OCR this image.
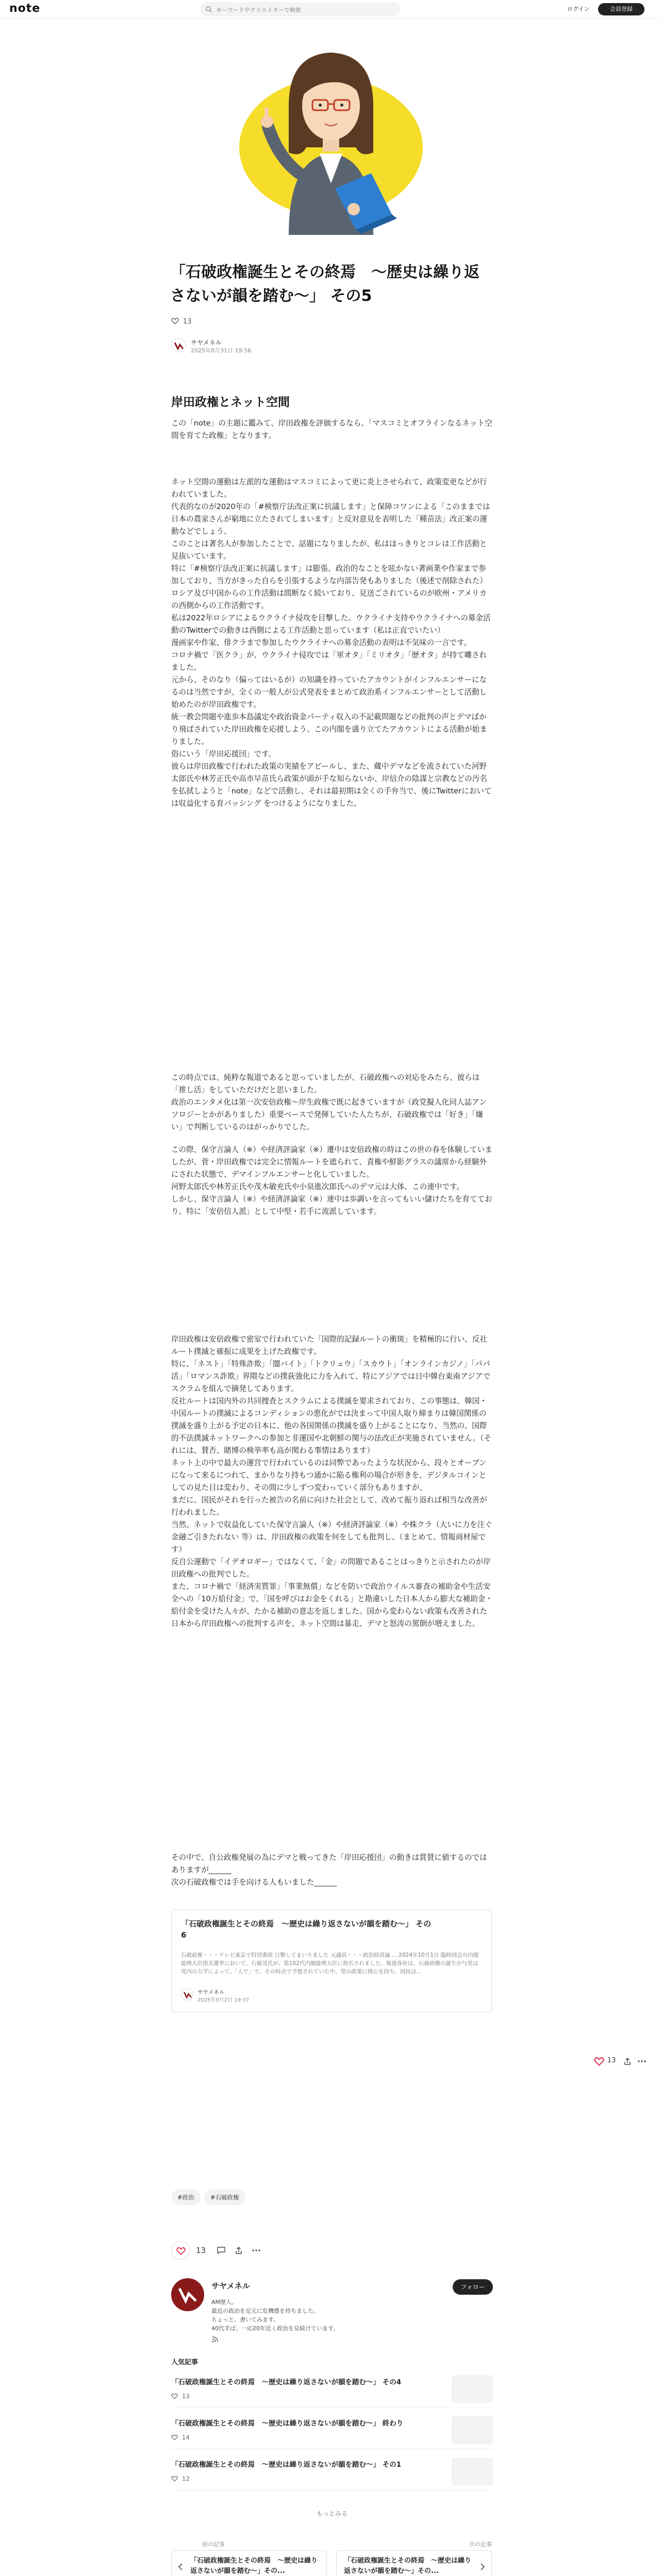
note
キーワードやクリエイターで検索	ログイン	会員登録
「石破政権誕生とその終焉　〜歴史は繰り返さないが韻を踏む〜」 その5
13
サヤメネル
2025年8月31日 19:56
岸田政権とネット空間
この「note」の主題に鑑みて、岸田政権を評価するなら、「マスコミとオフラインなるネット空間を育てた政権」となります。
ネット空間の運動は左派的な運動はマスコミによって更に炎上させられて、政策変更などが行われていました。
代表的なのが2020年の「#検察庁法改正案に抗議します」と保障コワンによる「このままでは日本の農家さんが窮地に立たされてしまいます」と反対意見を表明した「種苗法」改正案の運動などでしょう。
このことは著名人が参加したことで、話題になりましたが、私はほっきりとコレは工作活動と見抜いています。
特に「#検察庁法改正案に抗議します」は膨張、政治的なことを呟かない著画業や作家まで参加しており、当方がきった自らを引張するような内部告発もありました（後述で削除された）
ロシア及び中国からの工作活動は間断なく続いており、見送ごされているのが欧州・アメリカの西側からの工作活動です。
私は2022年ロシアによるウクライナ侵攻を目撃した。ウクライナ支持やウクライナへの募金活動のTwitterでの動きは西側による工作活動と思っています（私は正直でいたい）
漫画家や作家、俳クラまで参加したウクライナへの募金活動の表明は不気味の一言です。
コロナ禍で「医クラ」が、ウクライナ侵攻では「軍オタ」「ミリオタ」「歴オタ」が持て囃されました。
元から、そのなり（偏ってはいるが）の知識を持っていたアカウントがインフルエンサーになるのは当然ですが、全くの一般人が公式発表をまとめて政治系インフルエンサーとして活動し始めたのが岸田政権です。
統一教会問題や進歩本島議定や政治資金パーティ収入の不記載問題などの批判の声とデマばかり飛ばされていた岸田政権を応援しよう、この内閣を盛り立てたアカウントによる活動が始まりました。
俗にいう「岸田応援団」です。
彼らは岸田政権で行われた政策の実績をアピールし、また、蔵中デマなどを流されていた河野太郎氏や林芳正氏や高市早苗氏ら政策が頭が手な知らないか、岸信介の陰謀と宗教などの汚名を払拭しようと「note」などで活動し、それは最初期は全くの手弁当で、後にTwitterにおいては収益化する育パッシング をつけるようになりました。
この時点では、純粋な報道であると思っていましたが、石破政権への対応をみたら、彼らは「推し活」をしていただけだと思いました。
政治のエンタメ化は第一次安倍政権〜岸生政権で既に起きていますが（政党擬人化同人誌アンソロジーとかがありました）重要ベースで発揮していた人たちが、石破政権では「好き」「嫌い」で判断しているのはがっかりでした。
この際、保守言論人（※）や経済評論家（※）遷中は安倍政権の時はこの世の春を体験していましたが、菅・岸田政権では完全に情報ルートを遮られて、責権や鮮影グラスの議席から経験外にされた状態で、デマインフルエンサーと化していました。
河野太郎氏や林芳正氏や茂木敏充氏や小泉進次郎氏へのデマ元は大体、この連中です。
しかし、保守言論人（※）や経済評論家（※）連中は歩調いを言ってもいい儲けたちを育てており、特に「安倍信人派」として中堅・若手に流派しています。
岸田政権は安倍政権で密室で行われていた「国際的記録ルートの衝斑」を精極的に行い、反社ルート撲滅と確振に成果を上げた政権です。
特に、「ネスト」「特殊詐欺」「闇バイト」「トクリュウ」「スカウト」「オンラインカジノ」「パパ活」「ロマンス詐欺」界隈などの撲荻強化に力を入れて、特にアジアでは日中韓台東南アジアでスクラムを組んで摘発してあります。
反社ルートは国内外の共同捜査とスクラムによる撲滅を要求されており、この事態は、韓国・中国ルートの撲滅によるコンディションの悪化がでは決まって中国人取り締まりは韓国関係の撲滅を盛り上がる予定の日本に、他の各国関係の撲滅を盛り上がることになり、当然の、国際的不法撲滅ネットワークへの参加と非運国や北朝鮮の関与の法改正が実施されていません。（それには、賛否、賭博の検挙率も高が関わる事情はあります）
ネット上の中で最大の運営で行われているのは同弊であったような状況から、段々とオープンになって来るにつれて、まかりなり持もつ通かに陥る権利の場合が形きを、デジタルコインとしての見た目は変わり、その間に少しずつ変わっていく部分もありますが、
まだに、国民がそれを行った被告の名前に向けた社会として、改めて振り返れば相当な改善が行われました。
当然、ネットで収益化していた保守言論人（※）や経済評論家（※）や株クラ（大いに力を注ぐ金融ご引きたれない 等）は、岸田政権の政策を何をしても批判し、（まとめて、情報商材屋です）
反自公運動で「イデオロギー」ではなくて、「金」の問題であることはっきりと示されたのが岸田政権への批判でした。
また、コロナ禍で「経済実質罪」「事業無償」などを防いで政治ウイルス審査の補助金や生活安全への「10万給付金」で、「国を呼びはお金をくれる」と勘違いした日本人から膨大な補助金・給付金を受けた人々が、たかる補助の意志を返しました。国から変わらない政策も改善された日本から岸田政権への批判する声を、ネット空間は暴走、デマと怒涛の罵倒が増えました。
その中で、自公政権発展の為にデマと戦ってきた「岸田応援団」の動きは賞賛に値するのではありますが______
次の石破政権では手を向ける人もいました______
「石破政権誕生とその終焉　〜歴史は繰り返さないが韻を踏む〜」 その6
石破政権・・・テレビ東京で特別番組 目撃してまいりました 元議員・・・政治経済論 ... 2024年10月1日 臨時国会の内閣総理大臣指名選挙において、石破茂氏が、第102代内閣総理大臣に指名されました。報道各社は、石破政権の誕生が与党は党内の力学によって、「人で」で、その時点で予想されていた中、党の政策に関心を持ち、国民は...
サヤメネル
2025年9月2日 19:37
13
#政治	#石破政権
13
サヤメネル
AM歴人。
最近の政治を足元に危機感を持ちました。
ちょっと、書いてみます。
40代半ば、一応20年近く政治を見続けています。
フォロー
人気記事
「石破政権誕生とその終焉　〜歴史は繰り返さないが韻を踏む〜」 その4
13
「石破政権誕生とその終焉　〜歴史は繰り返さないが韻を踏む〜」 終わり
14
「石破政権誕生とその終焉　〜歴史は繰り返さないが韻を踏む〜」 その1
12
もっとみる
前の記事
「石破政権誕生とその終焉　〜歴史は繰り返さないが韻を踏む〜」その...
次の記事
「石破政権誕生とその終焉　〜歴史は繰り返さないが韻を踏む〜」その...
